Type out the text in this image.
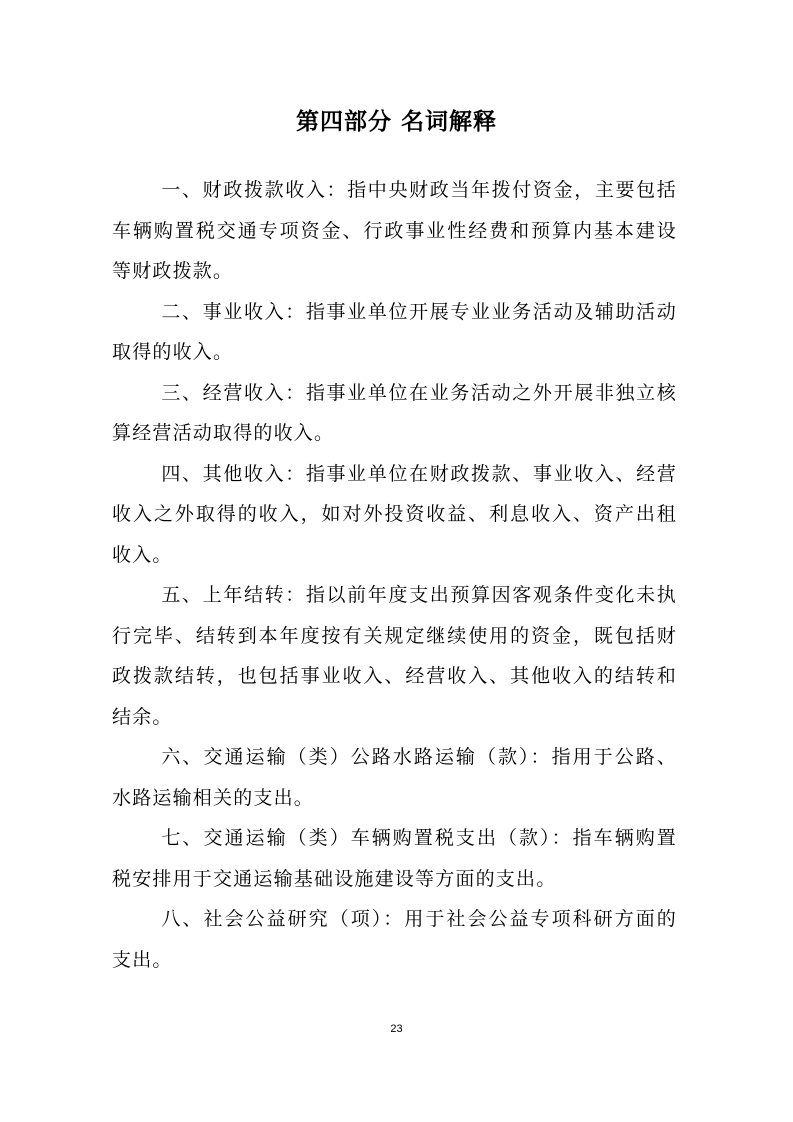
第四部分 名词解释

一、财政拨款收入：指中央财政当年拨付资金，主要包括车辆购置税交通专项资金、行政事业性经费和预算内基本建设等财政拨款。

二、事业收入：指事业单位开展专业业务活动及辅助活动取得的收入。

三、经营收入：指事业单位在业务活动之外开展非独立核算经营活动取得的收入。

四、其他收入：指事业单位在财政拨款、事业收入、经营收入之外取得的收入，如对外投资收益、利息收入、资产出租收入。

五、上年结转：指以前年度支出预算因客观条件变化未执行完毕、结转到本年度按有关规定继续使用的资金，既包括财政拨款结转，也包括事业收入、经营收入、其他收入的结转和结余。

六、交通运输（类）公路水路运输（款）：指用于公路、水路运输相关的支出。

七、交通运输（类）车辆购置税支出（款）：指车辆购置税安排用于交通运输基础设施建设等方面的支出。

八、社会公益研究（项）：用于社会公益专项科研方面的支出。

23
